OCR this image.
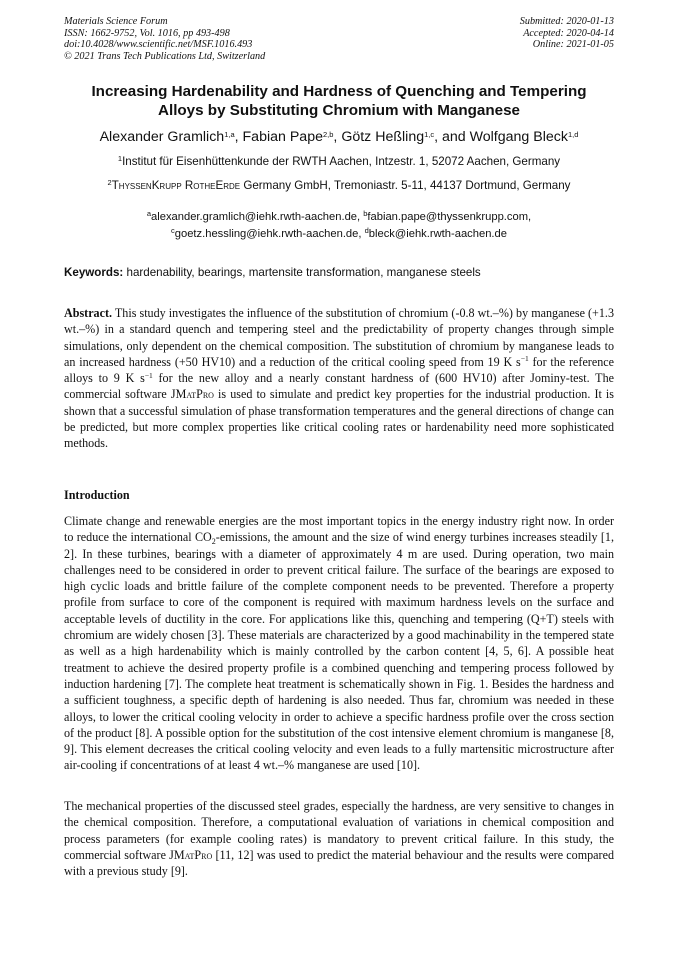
Materials Science Forum
ISSN: 1662-9752, Vol. 1016, pp 493-498
doi:10.4028/www.scientific.net/MSF.1016.493
© 2021 Trans Tech Publications Ltd, Switzerland
Submitted: 2020-01-13
Accepted: 2020-04-14
Online: 2021-01-05
Increasing Hardenability and Hardness of Quenching and Tempering
Alloys by Substituting Chromium with Manganese
Alexander Gramlich$^{1,a}$, Fabian Pape$^{2,b}$, Götz Heßling$^{1,c}$, and Wolfgang Bleck$^{1,d}$
$^1$Institut für Eisenhüttenkunde der RWTH Aachen, Intzestr. 1, 52072 Aachen, Germany
$^2$ThyssenKrupp RotheErde Germany GmbH, Tremoniastr. 5-11, 44137 Dortmund, Germany
$^a$alexander.gramlich@iehk.rwth-aachen.de, $^b$fabian.pape@thyssenkrupp.com,
$^c$goetz.hessling@iehk.rwth-aachen.de, $^d$bleck@iehk.rwth-aachen.de
Keywords: hardenability, bearings, martensite transformation, manganese steels
Abstract. This study investigates the influence of the substitution of chromium (-0.8 wt.–%) by manganese (+1.3 wt.–%) in a standard quench and tempering steel and the predictability of property changes through simple simulations, only dependent on the chemical composition. The substitution of chromium by manganese leads to an increased hardness (+50 HV10) and a reduction of the critical cooling speed from 19 K $s^{-1}$ for the reference alloys to 9 K $s^{-1}$ for the new alloy and a nearly constant hardness of (600 HV10) after Jominy-test. The commercial software JMatPro is used to simulate and predict key properties for the industrial production. It is shown that a successful simulation of phase transformation temperatures and the general directions of change can be predicted, but more complex properties like critical cooling rates or hardenability need more sophisticated methods.
Introduction
Climate change and renewable energies are the most important topics in the energy industry right now. In order to reduce the international $CO_2$-emissions, the amount and the size of wind energy turbines increases steadily [1, 2]. In these turbines, bearings with a diameter of approximately 4 m are used. During operation, two main challenges need to be considered in order to prevent critical failure. The surface of the bearings are exposed to high cyclic loads and brittle failure of the complete component needs to be prevented. Therefore a property profile from surface to core of the component is required with maximum hardness levels on the surface and acceptable levels of ductility in the core. For applications like this, quenching and tempering (Q+T) steels with chromium are widely chosen [3]. These materials are characterized by a good machinability in the tempered state as well as a high hardenability which is mainly controlled by the carbon content [4, 5, 6]. A possible heat treatment to achieve the desired property profile is a combined quenching and tempering process followed by induction hardening [7]. The complete heat treatment is schematically shown in Fig. 1. Besides the hardness and a sufficient toughness, a specific depth of hardening is also needed. Thus far, chromium was needed in these alloys, to lower the critical cooling velocity in order to achieve a specific hardness profile over the cross section of the product [8]. A possible option for the substitution of the cost intensive element chromium is manganese [8, 9]. This element decreases the critical cooling velocity and even leads to a fully martensitic microstructure after air-cooling if concentrations of at least 4 wt.–% manganese are used [10].
The mechanical properties of the discussed steel grades, especially the hardness, are very sensitive to changes in the chemical composition. Therefore, a computational evaluation of variations in chemical composition and process parameters (for example cooling rates) is mandatory to prevent critical failure. In this study, the commercial software JMatPro [11, 12] was used to predict the material behaviour and the results were compared with a previous study [9].
